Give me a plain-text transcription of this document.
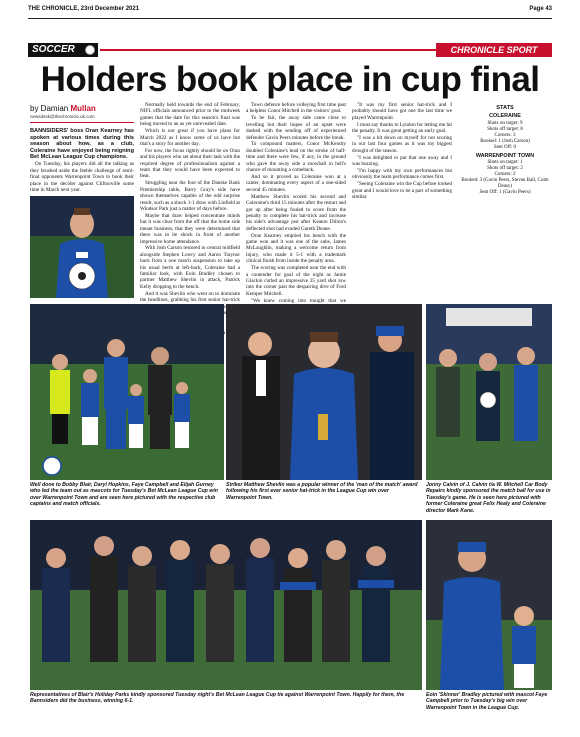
THE CHRONICLE, 23rd December 2021	Page 43
SOCCER	CHRONICLE SPORT
Holders book place in cup final
by Damian Mullan
newsdesk@thechronicle.uk.com

BANNSIDERS' boss Oran Kearney has spoken at various times during this season about how, as a club, Coleraine have enjoyed being reigning Bet McLean League Cup champions.

On Tuesday, his players did all the talking as they brushed aside the feeble challenge of semi-final opponents Warrenpoint Town to book their place in the decider against Cliftonville some time in March next year.

Normally held towards the end of February, NIFL officials announced prior to the midweek games that the date for this season's final was being moved to an as yet unrevealed date.

Which is not great if you have plans for March 2022 as I know some of us have but that's a story for another day.

For now, the focus rightly should be on Oran and his players who set about their task with the required degree of professionalism against a team that they would have been expected to beat.

Struggling near the foot of the Danske Bank Premiership table, Barry Gray's side have shown themselves capable of the odd surprise result, such as a shock 1-1 draw with Linfield at Windsor Park just a matter of days before.

Maybe that draw helped concentrate minds but it was clear from the off that the home side meant business, that they were determined that there was to be shock in front of another impressive home attendance.

With Josh Carson restored to central midfield alongside Stephen Lowry and Aaron Traynor back from a one match suspension to take up his usual berth at left-back, Coleraine had a familiar look, with Eoin Bradley chosen to partner Matthew Shevlin in attack, Patrick Kelly dropping to the bench.

And it was Shevlin who went on to dominate the headlines, grabbing his first senior hat-trick the

a

Town defence before volleying first time past a helpless Conor Mitchell in the visitors' goal.

To be fair, the away side came close to levelling but their hopes of an upset were dashed with the sending off of experienced defender Gavin Peers minutes before the break.

To compound matters, Conor McKendry doubled Coleraine's lead on the stroke of half-time and there were few, if any, in the ground who gave the away side a snowball in hell's chance of mounting a comeback.

And so it proved as Coleraine won at a canter, dominating every aspect of a one-sided second 45 minutes.

Matthew Shevlin scored his second and Coleraine's third 15 minutes after the restart and got up after being fouled to score from the penalty to complete his hat-trick and increase his side's advantage just after Keaton Dillon's deflected shot had evaded Gareth Deane.

Oran Kearney emptied his bench with the game won and it was one of the subs, James McLaughlin, making a welcome return from injury, who made it 5-1 with a trademark clinical finish from inside the penalty area.

The scoring was completed near the end with a contender for goal of the night as Jamie Glackin curled an impressive 25 yard shot low into the corner past the despairing dive of Ford Kemper Mitchell.

"We knew coming into tonight that we

"It was my first senior hat-trick and I probably should have got one the last time we played Warrenpoint.

I must say thanks to Lyndon for letting me hit the penalty. It was great getting an early goal.

"I was a bit down on myself for not scoring in our last four games as it was my biggest drought of the season.

"I was delighted to put that one away and I was buzzing.

"I'm happy with my own performances but obviously the team performance comes first.

"Seeing Coleraine win the Cup before looked great and I would love to be a part of something similar.

STATS
COLERAINE
Shots on target: 9
Shots off target: 8
Corners: 3
Booked: 1 (Josh Carson)
Sent Off: 0
WARRENPOINT TOWN
Shots on target: 1
Shots off target: 2
Corners: 2
Booked: 3 (Gavin Peers, Steven Ball, Colm Deasy)
Sent Off: 1 (Gavin Peers)
Well done to Bobby Blair, Daryl Hopkins, Faye Campbell and Elijah Gurney who led the team out as mascots for Tuesday's Bet McLean League Cup win over Warrenpoint Town and are seen here pictured with the respective club captains and match officials.
Striker Matthew Shevlin was a popular winner of the 'man of the match' award following his first ever senior hat-trick in the League Cup win over Warrenpoint Town.
Jonny Calvin of J. Calvin t/a W. Mitchell Car Body Repairs kindly sponsored the match ball for use in Tuesday's game. He is seen here pictured with former Coleraine great Felix Healy and Coleraine director Mark Kane.
Representatives of Blair's Holiday Parks kindly sponsored Tuesday night's Bet McLean League Cup tie against Warrenpoint Town. Happily for them, the Bannsiders did the business, winning 6-1.
Eoin 'Skinner' Bradley pictured with mascot Faye Campbell prior to Tuesday's big win over Warrenpoint Town in the League Cup.
